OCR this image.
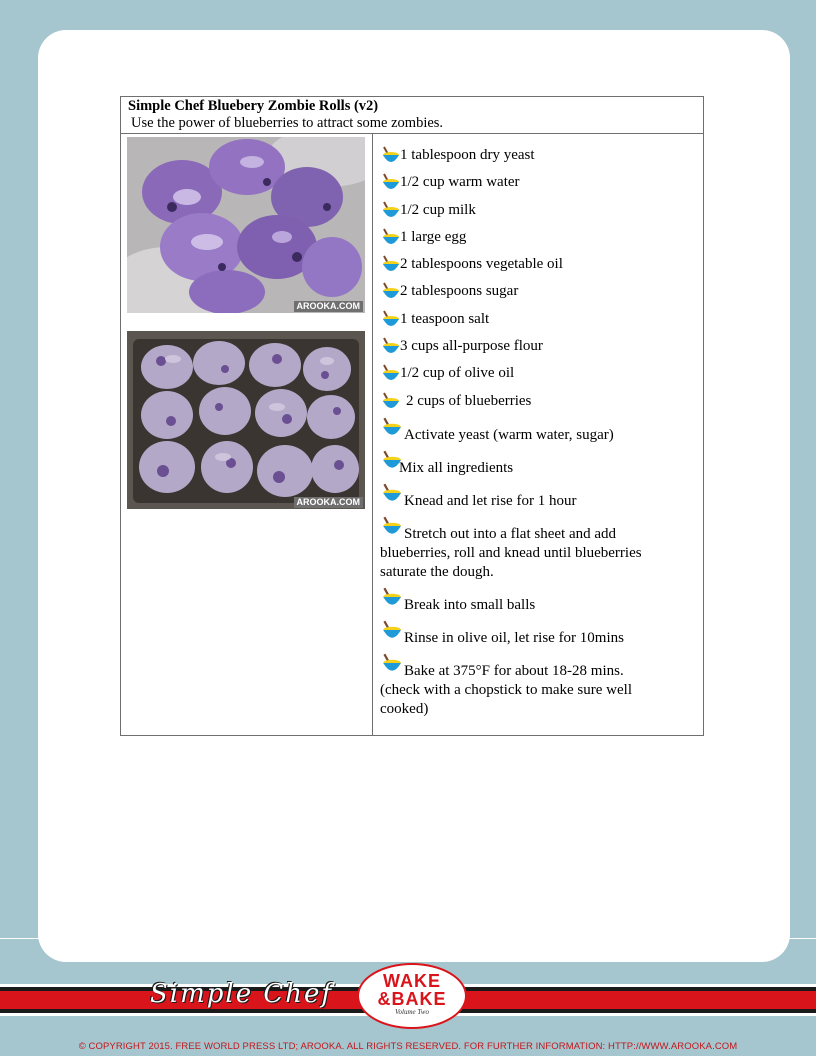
Simple Chef Bluebery Zombie Rolls (v2)
Use the power of blueberries to attract some zombies.
AROOKA.COM
AROOKA.COM
1 tablespoon dry yeast
1/2 cup warm water
1/2 cup milk
1 large egg
2 tablespoons vegetable oil
2 tablespoons sugar
1 teaspoon salt
3 cups all-purpose flour
1/2 cup of olive oil
2 cups of blueberries
Activate yeast (warm water, sugar)
Mix all ingredients
Knead and let rise for 1 hour
Stretch out into a flat sheet and add
blueberries, roll and knead until blueberries saturate the dough.
Break into small balls
Rinse in olive oil, let rise for 10mins
Bake at 375°F for about 18-28 mins.
(check with a chopstick to make sure well cooked)
Simple Chef	WAKE
&BAKE
Volume Two
© COPYRIGHT 2015. FREE WORLD PRESS LTD; AROOKA. ALL RIGHTS RESERVED. FOR FURTHER INFORMATION: HTTP://WWW.AROOKA.COM
